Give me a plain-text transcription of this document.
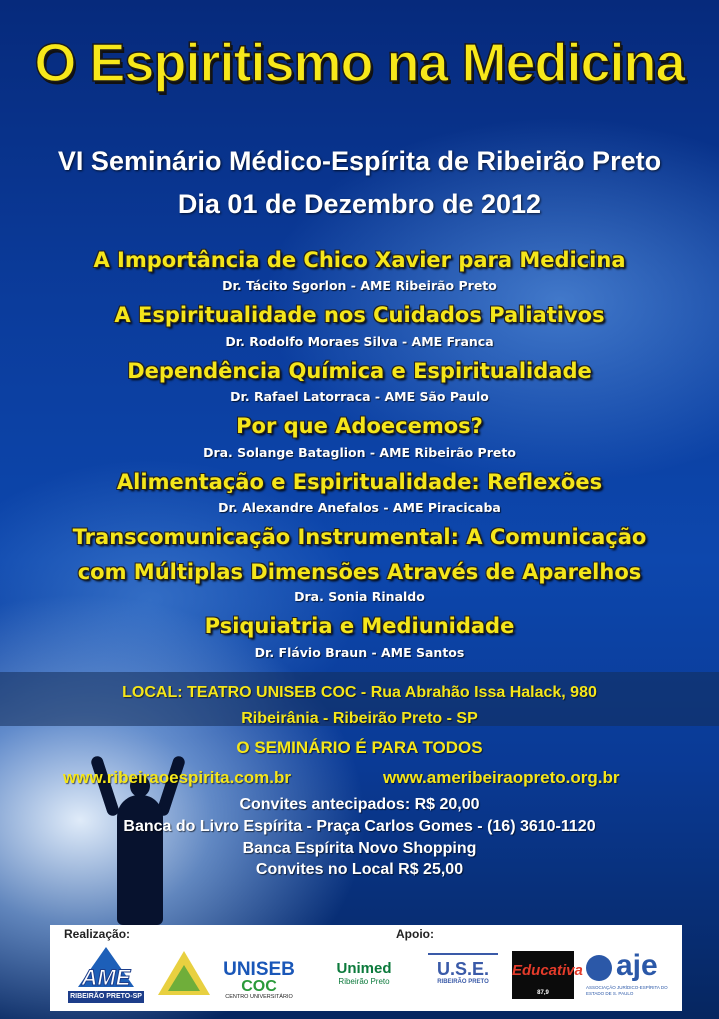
O Espiritismo na Medicina
VI Seminário Médico-Espírita de Ribeirão Preto
Dia 01 de Dezembro de 2012
A Importância de Chico Xavier para Medicina
Dr. Tácito Sgorlon - AME Ribeirão Preto
A Espiritualidade nos Cuidados Paliativos
Dr. Rodolfo Moraes Silva - AME Franca
Dependência Química e Espiritualidade
Dr. Rafael Latorraca - AME São Paulo
Por que Adoecemos?
Dra. Solange Bataglion - AME Ribeirão Preto
Alimentação e Espiritualidade: Reflexões
Dr. Alexandre Anefalos - AME Piracicaba
Transcomunicação Instrumental: A Comunicação
com Múltiplas Dimensões Através de Aparelhos
Dra. Sonia Rinaldo
Psiquiatria e Mediunidade
Dr. Flávio Braun - AME Santos
LOCAL: TEATRO UNISEB COC - Rua Abrahão Issa Halack, 980
Ribeirânia - Ribeirão Preto - SP
O SEMINÁRIO É PARA TODOS
www.ribeiraoespirita.com.br	www.ameribeiraopreto.org.br
Convites antecipados: R$ 20,00
Banca do Livro Espírita - Praça Carlos Gomes - (16) 3610-1120
Banca Espírita Novo Shopping
Convites no Local R$ 25,00
Realização:	Apoio:
AME
RIBEIRÃO PRETO-SP
UNISEB
COC
CENTRO UNIVERSITÁRIO
Unimed
Ribeirão Preto
U.S.E.
RIBEIRÃO PRETO
Educativa
87,9
aje
ASSOCIAÇÃO JURÍDICO-ESPÍRITA DO ESTADO DE S. PAULO
